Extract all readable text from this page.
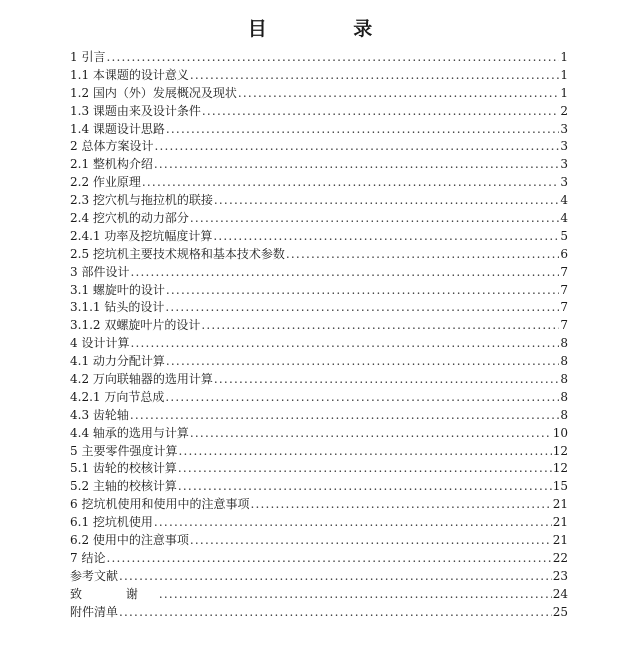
目 录
1 引言 .....	1
1.1 本课题的设计意义 .....	1
1.2 国内（外）发展概况及现状 .....	1
1.3 课题由来及设计条件 .....	2
1.4 课题设计思路 .....	3
2 总体方案设计 .....	3
2.1 整机构介绍 .....	3
2.2 作业原理 .....	3
2.3 挖穴机与拖拉机的联接 .....	4
2.4 挖穴机的动力部分 .....	4
2.4.1 功率及挖坑幅度计算 .....	5
2.5 挖坑机主要技术规格和基本技术参数 .....	6
3 部件设计 .....	7
3.1 螺旋叶的设计 .....	7
3.1.1 钻头的设计 .....	7
3.1.2 双螺旋叶片的设计 .....	7
4 设计计算 .....	8
4.1 动力分配计算 .....	8
4.2 万向联轴器的选用计算 .....	8
4.2.1 万向节总成 .....	8
4.3 齿轮轴 .....	8
4.4 轴承的选用与计算 .....	10
5 主要零件强度计算 .....	12
5.1 齿轮的校核计算 .....	12
5.2 主轴的校核计算 .....	15
6 挖坑机使用和使用中的注意事项 .....	21
6.1 挖坑机使用 .....	21
6.2 使用中的注意事项 .....	21
7 结论 .....	22
参考文献 .....	23
致 谢 .....	24
附件清单 .....	25
